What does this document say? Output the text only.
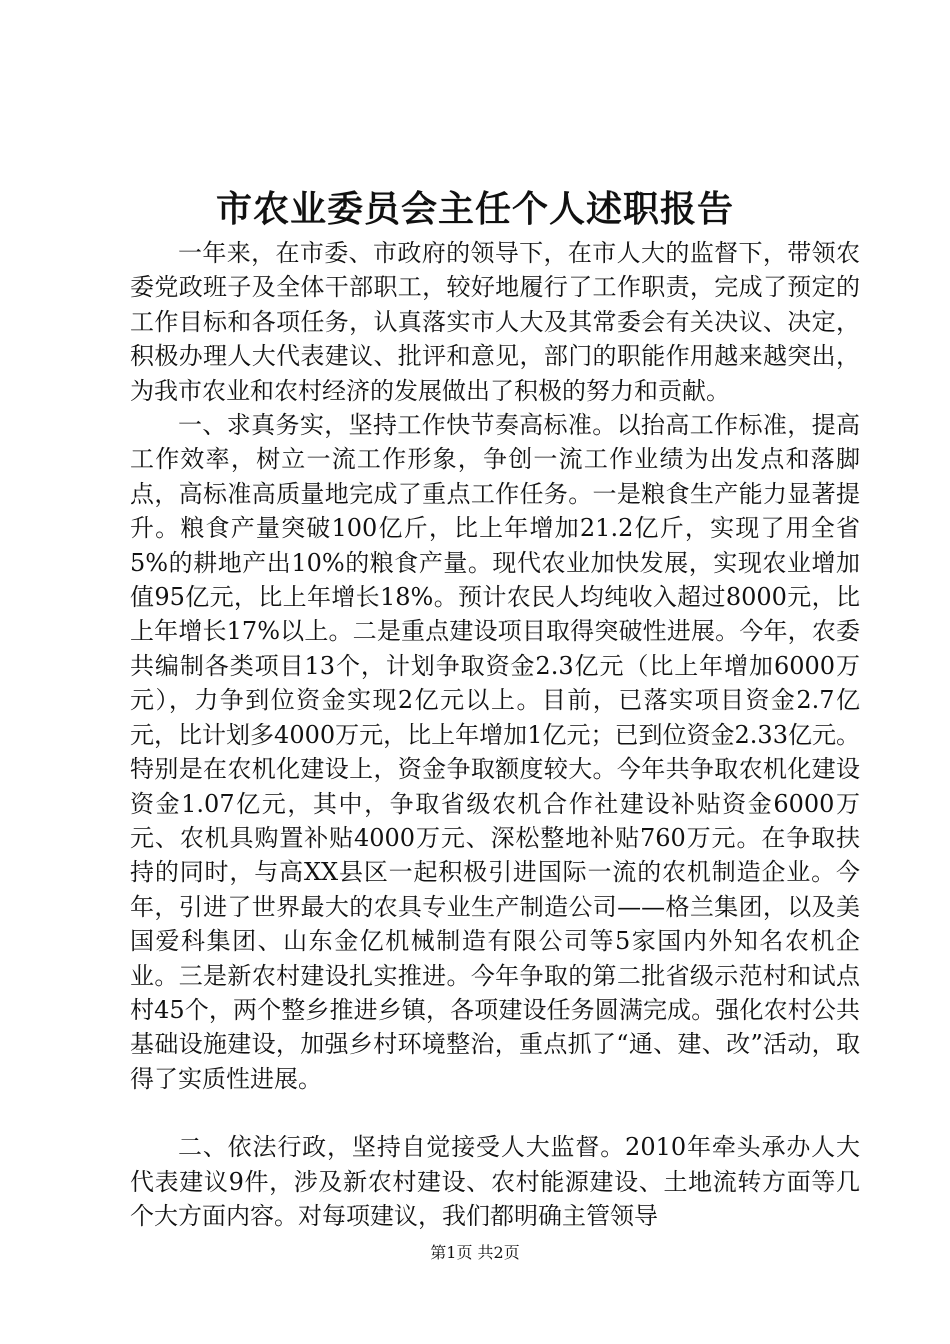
市农业委员会主任个人述职报告

一年来，在市委、市政府的领导下，在市人大的监督下，带领农委党政班子及全体干部职工，较好地履行了工作职责，完成了预定的工作目标和各项任务，认真落实市人大及其常委会有关决议、决定，积极办理人大代表建议、批评和意见，部门的职能作用越来越突出，为我市农业和农村经济的发展做出了积极的努力和贡献。

一、求真务实，坚持工作快节奏高标准。以抬高工作标准，提高工作效率，树立一流工作形象，争创一流工作业绩为出发点和落脚点，高标准高质量地完成了重点工作任务。一是粮食生产能力显著提升。粮食产量突破100亿斤，比上年增加21.2亿斤，实现了用全省5%的耕地产出10%的粮食产量。现代农业加快发展，实现农业增加值95亿元，比上年增长18%。预计农民人均纯收入超过8000元，比上年增长17%以上。二是重点建设项目取得突破性进展。今年，农委共编制各类项目13个，计划争取资金2.3亿元（比上年增加6000万元），力争到位资金实现2亿元以上。目前，已落实项目资金2.7亿元，比计划多4000万元，比上年增加1亿元；已到位资金2.33亿元。特别是在农机化建设上，资金争取额度较大。今年共争取农机化建设资金1.07亿元，其中，争取省级农机合作社建设补贴资金6000万元、农机具购置补贴4000万元、深松整地补贴760万元。在争取扶持的同时，与高XX县区一起积极引进国际一流的农机制造企业。今年，引进了世界最大的农具专业生产制造公司——格兰集团，以及美国爱科集团、山东金亿机械制造有限公司等5家国内外知名农机企业。三是新农村建设扎实推进。今年争取的第二批省级示范村和试点村45个，两个整乡推进乡镇，各项建设任务圆满完成。强化农村公共基础设施建设，加强乡村环境整治，重点抓了“通、建、改”活动，取得了实质性进展。

二、依法行政，坚持自觉接受人大监督。2010年牵头承办人大代表建议9件，涉及新农村建设、农村能源建设、土地流转方面等几个大方面内容。对每项建议，我们都明确主管领导

第1页 共2页
